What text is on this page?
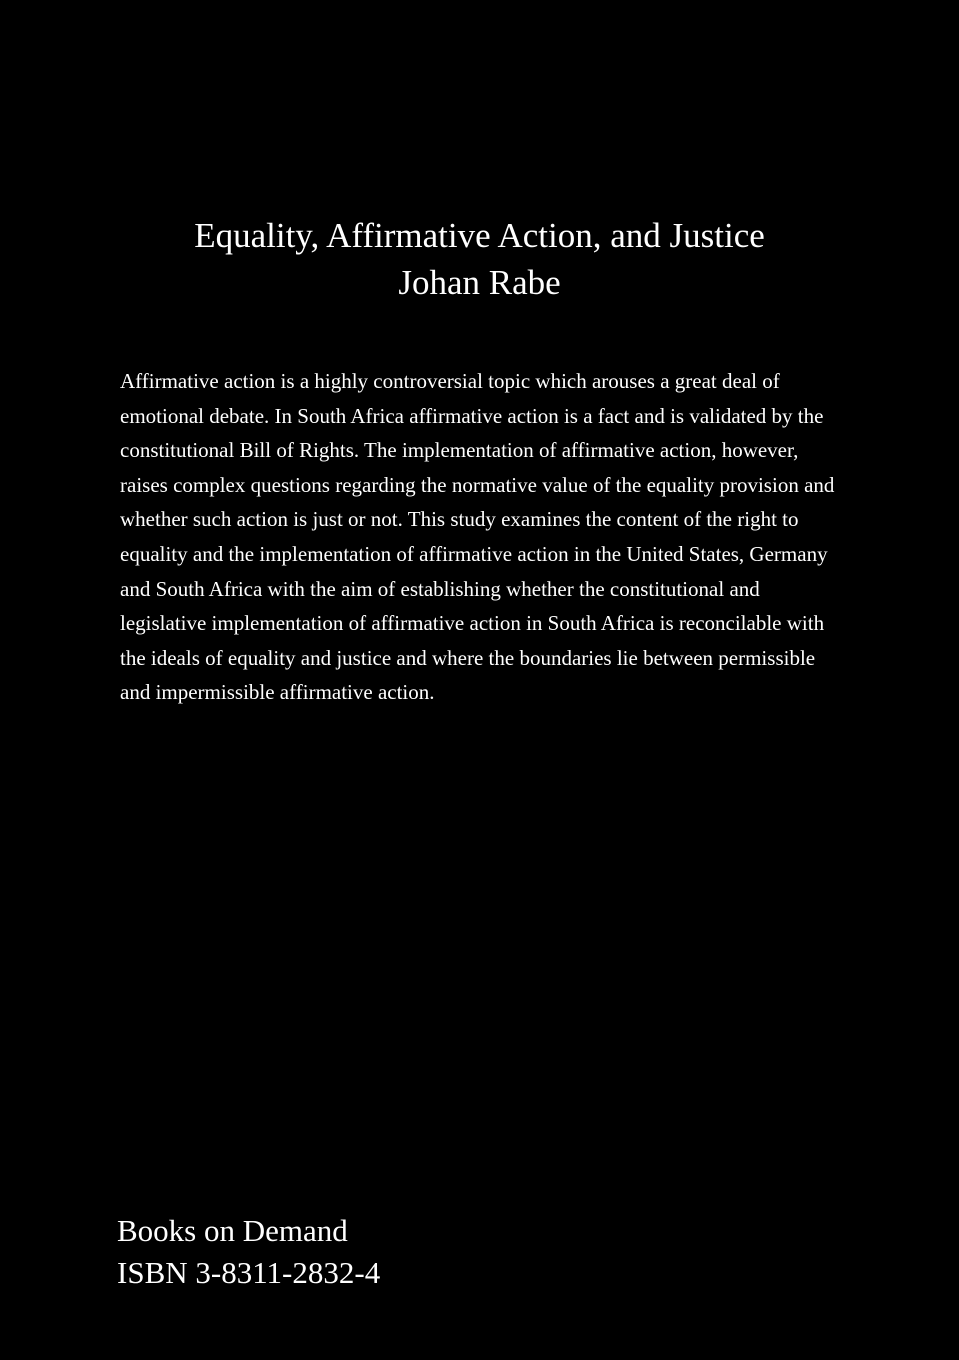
Equality, Affirmative Action, and Justice
Johan Rabe

Affirmative action is a highly controversial topic which arouses a great deal of emotional debate. In South Africa affirmative action is a fact and is validated by the constitutional Bill of Rights. The implementation of affirmative action, however, raises complex questions regarding the normative value of the equality provision and whether such action is just or not. This study examines the content of the right to equality and the implementation of affirmative action in the United States, Germany and South Africa with the aim of establishing whether the constitutional and legislative implementation of affirmative action in South Africa is reconcilable with the ideals of equality and justice and where the boundaries lie between permissible and impermissible affirmative action.

Books on Demand

ISBN 3-8311-2832-4
